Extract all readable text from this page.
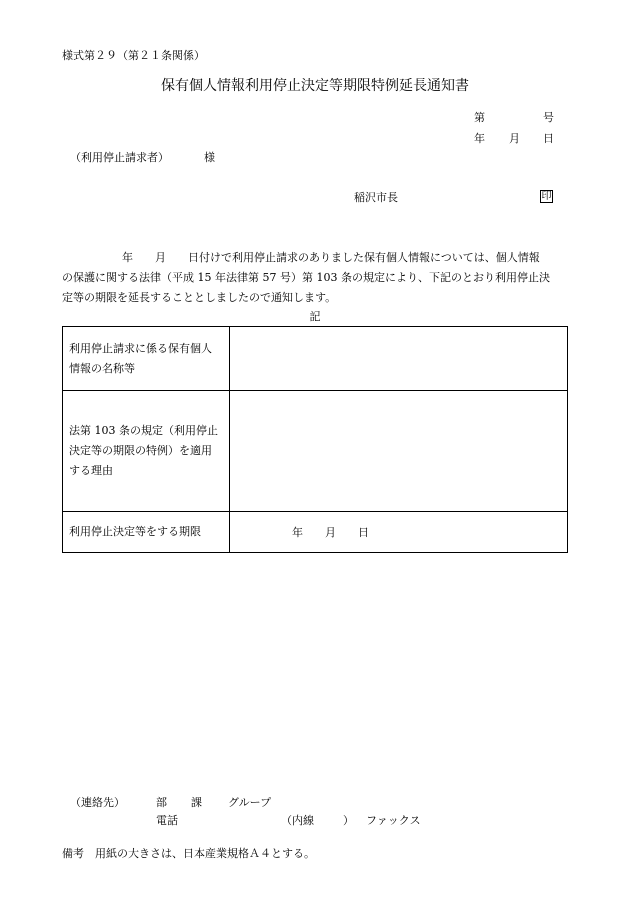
様式第２９（第２１条関係）
保有個人情報利用停止決定等期限特例延長通知書
第	号
年 月 日
（利用停止請求者）	様
稲沢市長	印
年 月 日付けで利用停止請求のありました保有個人情報については、個人情報
の保護に関する法律（平成 15 年法律第 57 号）第 103 条の規定により、下記のとおり利用停止決
定等の期限を延長することとしましたので通知します。
記
利用停止請求に係る保有個人
情報の名称等	

法第 103 条の規定（利用停止
決定等の期限の特例）を適用
する理由	

利用停止決定等をする期限	年 月 日
（連絡先）	部 課 グループ
電話	（内線	） ファックス
備考　用紙の大きさは、日本産業規格Ａ４とする。
